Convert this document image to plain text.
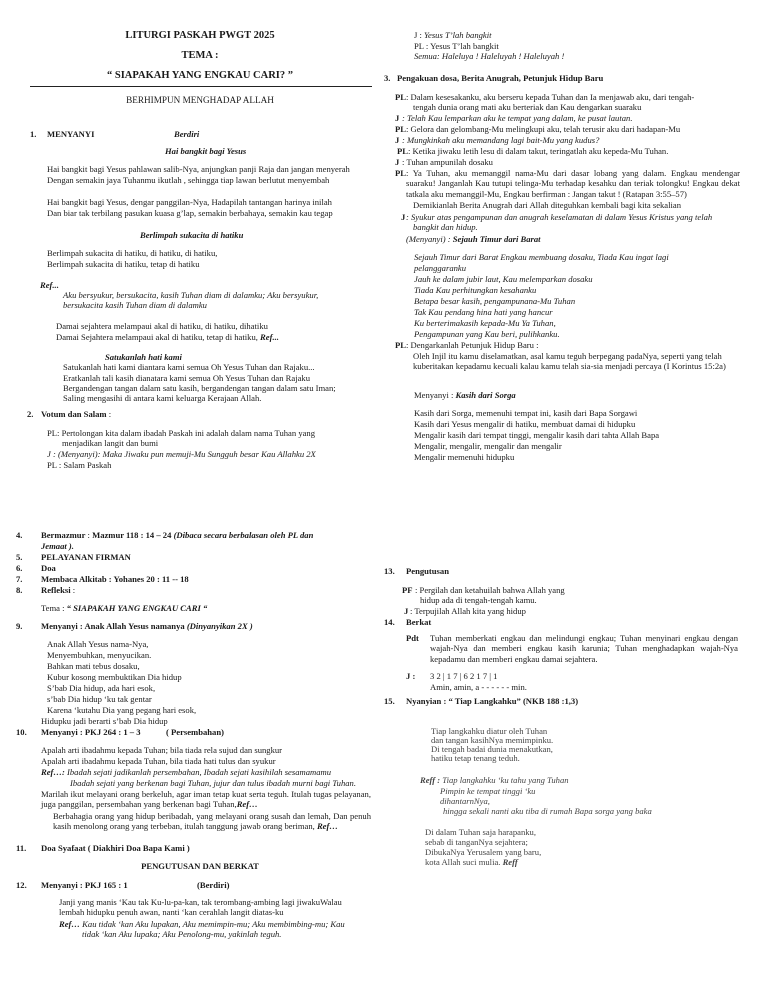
LITURGI PASKAH PWGT 2025
TEMA :
“ SIAPAKAH YANG ENGKAU CARI? ”
BERHIMPUN MENGHADAP ALLAH
1. MENYANYI	Berdiri
Hai bangkit bagi Yesus
Hai bangkit bagi Yesus pahlawan salib-Nya, anjungkan panji Raja dan jangan menyerah
Dengan semakin jaya Tuhanmu ikutlah , sehingga tiap lawan berlutut menyembah
Hai bangkit bagi Yesus, dengar panggilan-Nya, Hadapilah tantangan harinya inilah
Dan biar tak terbilang pasukan kuasa g’lap, semakin berbahaya, semakin kau tegap
Berlimpah sukacita di hatiku
Berlimpah sukacita di hatiku, di hatiku, di hatiku,
Berlimpah sukacita di hatiku, tetap di hatiku
Ref...
Aku bersyukur, bersukacita, kasih Tuhan diam di dalamku; Aku bersyukur,
bersukacita kasih Tuhan diam di dalamku
Damai sejahtera melampaui akal di hatiku, di hatiku, dihatiku
Damai Sejahtera melampaui akal di hatiku, tetap di hatiku, Ref...
Satukanlah hati kami
Satukanlah hati kami diantara kami semua Oh Yesus Tuhan dan Rajaku...
Eratkanlah tali kasih dianatara kami semua Oh Yesus Tuhan dan Rajaku
Bergandengan tangan dalam satu kasih, bergandengan tangan dalam satu Iman;
Saling mengasihi di antara kami keluarga Kerajaan Allah.
2. Votum dan Salam :
PL: Pertolongan kita dalam ibadah Paskah ini adalah dalam nama Tuhan yang
menjadikan langit dan bumi
J : (Menyanyi): Maka Jiwaku pun memuji-Mu Sungguh besar Kau Allahku 2X
PL : Salam Paskah
J : Yesus T’lah bangkit
PL : Yesus T’lah bangkit
Semua: Haleluya ! Haleluyah ! Haleluyah !
3. Pengakuan dosa, Berita Anugrah, Petunjuk Hidup Baru
PL : Dalam kesesakanku, aku berseru kepada Tuhan dan Ia menjawab aku, dari tengah-
tengah dunia orang mati aku berteriak dan Kau dengarkan suaraku
J : Telah Kau lemparkan aku ke tempat yang dalam, ke pusat lautan.
PL : Gelora dan gelombang-Mu melingkupi aku, telah terusir aku dari hadapan-Mu
J : Mungkinkah aku memandang lagi bait-Mu yang kudus?
PL : Ketika jiwaku letih lesu di dalam takut, teringatlah aku kepeda-Mu Tuhan.
J : Tuhan ampunilah dosaku
PL : Ya Tuhan, aku memanggil nama-Mu dari dasar lobang yang dalam. Engkau mendengar suaraku! Janganlah Kau tutupi telinga-Mu terhadap kesahku dan teriak tolongku! Engkau dekat tatkala aku memanggil-Mu, Engkau berfirman : Jangan takut ! (Ratapan 3:55–57)
Demikianlah Berita Anugrah dari Allah diteguhkan kembali bagi kita sekalian
J : Syukur atas pengampunan dan anugrah keselamatan di dalam Yesus Kristus yang telah
bangkit dan hidup.
(Menyanyi) : Sejauh Timur dari Barat
Sejauh Timur dari Barat Engkau membuang dosaku, Tiada Kau ingat lagi
pelanggaranku
Jauh ke dalam jubir laut, Kau melemparkan dosaku
Tiada Kau perhitungkan kesahanku
Betapa besar kasih, pengampunana-Mu Tuhan
Tak Kau pendang hina hati yang hancur
Ku berterimakasih kepada-Mu Ya Tuhan,
Pengampunan yang Kau beri, pulihkanku.
PL : Dengarkanlah Petunjuk Hidup Baru :
Oleh Injil itu kamu diselamatkan, asal kamu teguh berpegang padaNya, seperti yang telah kuberitakan kepadamu kecuali kalau kamu telah sia-sia menjadi percaya (I Korintus 15:2a)
Menyanyi : Kasih dari Sorga
Kasih dari Sorga, memenuhi tempat ini, kasih dari Bapa Sorgawi
Kasih dari Yesus mengalir di hatiku, membuat damai di hidupku
Mengalir kasih dari tempat tinggi, mengalir kasih dari tahta Allah Bapa
Mengalir, mengalir, mengalir dan mengalir
Mengalir memenuhi hidupku
4. Bermazmur : Mazmur 118 : 14 – 24 (Dibaca secara berbalasan oleh PL dan
Jemaat ).
5. PELAYANAN FIRMAN
6. Doa
7. Membaca Alkitab : Yohanes 20 : 11 -- 18
8. Refleksi :
Tema : “ SIAPAKAH YANG ENGKAU CARI “
9. Menyanyi : Anak Allah Yesus namanya (Dinyanyikan 2X )
Anak Allah Yesus nama-Nya,
Menyembuhkan, menyucikan.
Bahkan mati tebus dosaku,
Kubur kosong membuktikan Dia hidup
S’bab Dia hidup, ada hari esok,
s’bab Dia hidup ‘ku tak gentar
Karena ‘kutahu Dia yang pegang hari esok,
Hidupku jadi berarti s’bab Dia hidup
10. Menyanyi : PKJ 264 : 1 – 3	( Persembahan)
Apalah arti ibadahmu kepada Tuhan; bila tiada rela sujud dan sungkur
Apalah arti ibadahmu kepada Tuhan, bila tiada hati tulus dan syukur
Ref…: Ibadah sejati jadikanlah persembahan, Ibadah sejati kasihilah sesamamamu
Ibadah sejati yang berkenan bagi Tuhan, jujur dan tulus ibadah murni bagi Tuhan.
Marilah ikut melayani orang berkeluh, agar iman tetap kuat serta teguh. Itulah tugas pelayanan, juga panggilan, persembahan yang berkenan bagi Tuhan,Ref…
Berbahagia orang yang hidup beribadah, yang melayani orang susah dan lemah, Dan penuh kasih menolong orang yang terbeban, itulah tanggung jawab orang beriman, Ref…
11. Doa Syafaat ( Diakhiri Doa Bapa Kami )
PENGUTUSAN DAN BERKAT
12. Menyanyi : PKJ 165 : 1	(Berdiri)
Janji yang manis ‘Kau tak Ku-lu-pa-kan, tak terombang-ambing lagi jiwakuWalau
lembah hidupku penuh awan, nanti ‘kan cerahlah langit diatas-ku
Ref… Kau tidak ‘kan Aku lupakan, Aku memimpin-mu; Aku membimbing-mu; Kau
tidak ‘kan Aku lupaka; Aku Penolong-mu, yakinlah teguh.
13. Pengutusan
PF : Pergilah dan ketahuilah bahwa Allah yang
hidup ada di tengah-tengah kamu.
J : Terpujilah Allah kita yang hidup
14. Berkat
Pdt Tuhan memberkati engkau dan melindungi engkau; Tuhan menyinari engkau dengan wajah-Nya dan memberi engkau kasih karunia; Tuhan menghadapkan wajah-Nya kepadamu dan memberi engkau damai sejahtera.
J : 3 2 | 1 7 | 6 2 1 7 | 1
Amin, amin, a - - - - - - min.
15. Nyanyian : “ Tiap Langkahku” (NKB 188 :1,3)
Tiap langkahku diatur oleh Tuhan
dan tangan kasihNya memimpinku.
Di tengah badai dunia menakutkan,
hatiku tetap tenang teduh.
Reff : Tiap langkahku ‘ku tahu yang Tuhan
Pimpin ke tempat tinggi ‘ku
dihantarnNya,
hingga sekali nanti aku tiba di rumah Bapa sorga yang baka
Di dalam Tuhan saja harapanku,
sebab di tanganNya sejahtera;
DibukaNya Yerusalem yang baru,
kota Allah suci mulia. Reff
